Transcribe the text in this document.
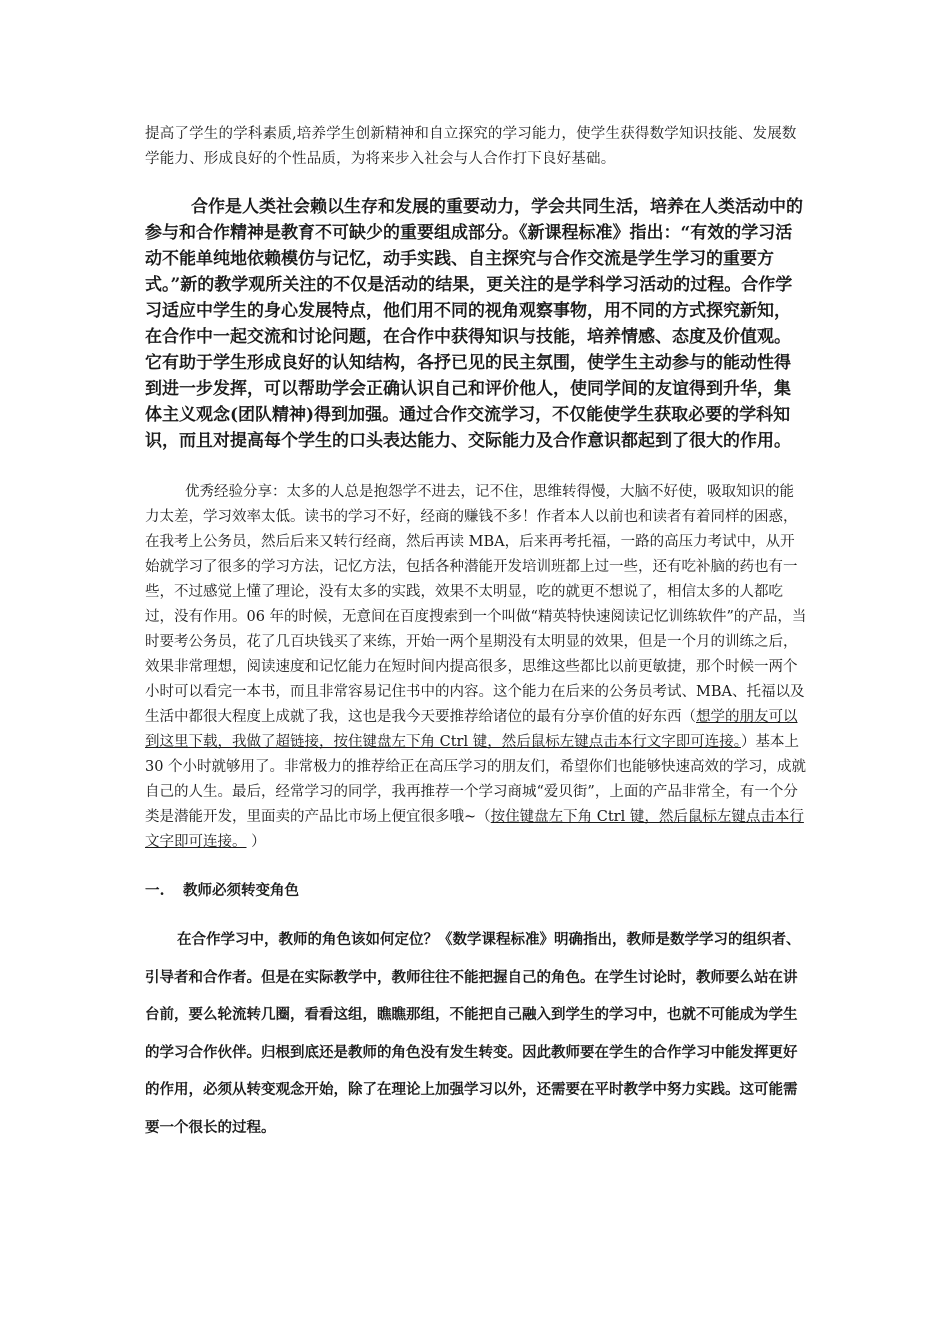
提高了学生的学科素质,培养学生创新精神和自立探究的学习能力，使学生获得数学知识技能、发展数学能力、形成良好的个性品质，为将来步入社会与人合作打下良好基础。

合作是人类社会赖以生存和发展的重要动力，学会共同生活，培养在人类活动中的参与和合作精神是教育不可缺少的重要组成部分。《新课程标准》指出：“有效的学习活动不能单纯地依赖模仿与记忆，动手实践、自主探究与合作交流是学生学习的重要方式。”新的教学观所关注的不仅是活动的结果，更关注的是学科学习活动的过程。合作学习适应中学生的身心发展特点，他们用不同的视角观察事物，用不同的方式探究新知，在合作中一起交流和讨论问题，在合作中获得知识与技能，培养情感、态度及价值观。它有助于学生形成良好的认知结构，各抒已见的民主氛围，使学生主动参与的能动性得到进一步发挥，可以帮助学会正确认识自己和评价他人，使同学间的友谊得到升华，集体主义观念(团队精神)得到加强。通过合作交流学习，不仅能使学生获取必要的学科知识，而且对提高每个学生的口头表达能力、交际能力及合作意识都起到了很大的作用。

优秀经验分享：太多的人总是抱怨学不进去，记不住，思维转得慢，大脑不好使，吸取知识的能力太差，学习效率太低。读书的学习不好，经商的赚钱不多！作者本人以前也和读者有着同样的困惑，在我考上公务员，然后后来又转行经商，然后再读 MBA，后来再考托福，一路的高压力考试中，从开始就学习了很多的学习方法，记忆方法，包括各种潜能开发培训班都上过一些，还有吃补脑的药也有一些，不过感觉上懂了理论，没有太多的实践，效果不太明显，吃的就更不想说了，相信太多的人都吃过，没有作用。06 年的时候，无意间在百度搜索到一个叫做“精英特快速阅读记忆训练软件”的产品，当时要考公务员，花了几百块钱买了来练，开始一两个星期没有太明显的效果，但是一个月的训练之后，效果非常理想，阅读速度和记忆能力在短时间内提高很多，思维这些都比以前更敏捷，那个时候一两个小时可以看完一本书，而且非常容易记住书中的内容。这个能力在后来的公务员考试、MBA、托福以及生活中都很大程度上成就了我，这也是我今天要推荐给诸位的最有分享价值的好东西（想学的朋友可以到这里下载，我做了超链接，按住键盘左下角 Ctrl 键，然后鼠标左键点击本行文字即可连接。）基本上 30 个小时就够用了。非常极力的推荐给正在高压学习的朋友们，希望你们也能够快速高效的学习，成就自己的人生。最后，经常学习的同学，我再推荐一个学习商城“爱贝街”，上面的产品非常全，有一个分类是潜能开发，里面卖的产品比市场上便宜很多哦~（按住键盘左下角 Ctrl 键，然后鼠标左键点击本行文字即可连接。 ）

一. 教师必须转变角色

在合作学习中，教师的角色该如何定位？《数学课程标准》明确指出，教师是数学学习的组织者、引导者和合作者。但是在实际教学中，教师往往不能把握自己的角色。在学生讨论时，教师要么站在讲台前，要么轮流转几圈，看看这组，瞧瞧那组，不能把自己融入到学生的学习中，也就不可能成为学生的学习合作伙伴。归根到底还是教师的角色没有发生转变。因此教师要在学生的合作学习中能发挥更好的作用，必须从转变观念开始，除了在理论上加强学习以外，还需要在平时教学中努力实践。这可能需要一个很长的过程。
